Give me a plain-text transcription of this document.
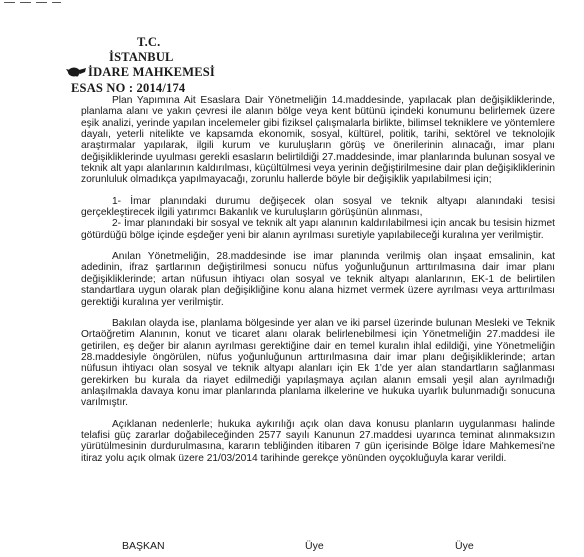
T.C.
İSTANBUL
İDARE MAHKEMESİ
ESAS NO : 2014/174

Plan Yapımına Ait Esaslara Dair Yönetmeliğin 14.maddesinde, yapılacak plan değişikliklerinde, planlama alanı ve yakın çevresi ile alanın bölge veya kent bütünü içindeki konumunu belirlemek üzere eşik analizi, yerinde yapılan incelemeler gibi fiziksel çalışmalarla birlikte, bilimsel tekniklere ve yöntemlere dayalı, yeterli nitelikte ve kapsamda ekonomik, sosyal, kültürel, politik, tarihi, sektörel ve teknolojik araştırmalar yapılarak, ilgili kurum ve kuruluşların görüş ve önerilerinin alınacağı, imar planı değişikliklerinde uyulması gerekli esasların belirtildiği 27.maddesinde, imar planlarında bulunan sosyal ve teknik alt yapı alanlarının kaldırılması, küçültülmesi veya yerinin değiştirilmesine dair plan değişikliklerinin zorunluluk olmadıkça yapılmayacağı, zorunlu hallerde böyle bir değişiklik yapılabilmesi için;

1- İmar planındaki durumu değişecek olan sosyal ve teknik altyapı alanındaki tesisi gerçekleştirecek ilgili yatırımcı Bakanlık ve kuruluşların görüşünün alınması,

2- İmar planındaki bir sosyal ve teknik alt yapı alanının kaldırılabilmesi için ancak bu tesisin hizmet götürdüğü bölge içinde eşdeğer yeni bir alanın ayrılması suretiyle yapılabileceği kuralına yer verilmiştir.

Anılan Yönetmeliğin, 28.maddesinde ise imar planında verilmiş olan inşaat emsalinin, kat adedinin, ifraz şartlarının değiştirilmesi sonucu nüfus yoğunluğunun arttırılmasına dair imar planı değişikliklerinde; artan nüfusun ihtiyacı olan sosyal ve teknik altyapı alanlarının, EK-1 de belirtilen standartlara uygun olarak plan değişikliğine konu alana hizmet vermek üzere ayrılması veya arttırılması gerektiği kuralına yer verilmiştir.

Bakılan olayda ise, planlama bölgesinde yer alan ve iki parsel üzerinde bulunan Mesleki ve Teknik Ortaöğretim Alanının, konut ve ticaret alanı olarak belirlenebilmesi için Yönetmeliğin 27.maddesi ile getirilen, eş değer bir alanın ayrılması gerektiğine dair en temel kuralın ihlal edildiği, yine Yönetmeliğin 28.maddesiyle öngörülen, nüfus yoğunluğunun arttırılmasına dair imar planı değişikliklerinde; artan nüfusun ihtiyacı olan sosyal ve teknik altyapı alanları için Ek 1'de yer alan standartların sağlanması gerekirken bu kurala da riayet edilmediği yapılaşmaya açılan alanın emsali yeşil alan ayrılmadığı anlaşılmakla davaya konu imar planlarında planlama ilkelerine ve hukuka uyarlık bulunmadığı sonucuna varılmıştır.

Açıklanan nedenlerle; hukuka aykırılığı açık olan dava konusu planların uygulanması halinde telafisi güç zararlar doğabileceğinden 2577 sayılı Kanunun 27.maddesi uyarınca teminat alınmaksızın yürütülmesinin durdurulmasına, kararın tebliğinden itibaren 7 gün içerisinde Bölge İdare Mahkemesi'ne itiraz yolu açık olmak üzere 21/03/2014 tarihinde gerekçe yönünden oyçokluğuyla karar verildi.

BAŞKAN	Üye	Üye
